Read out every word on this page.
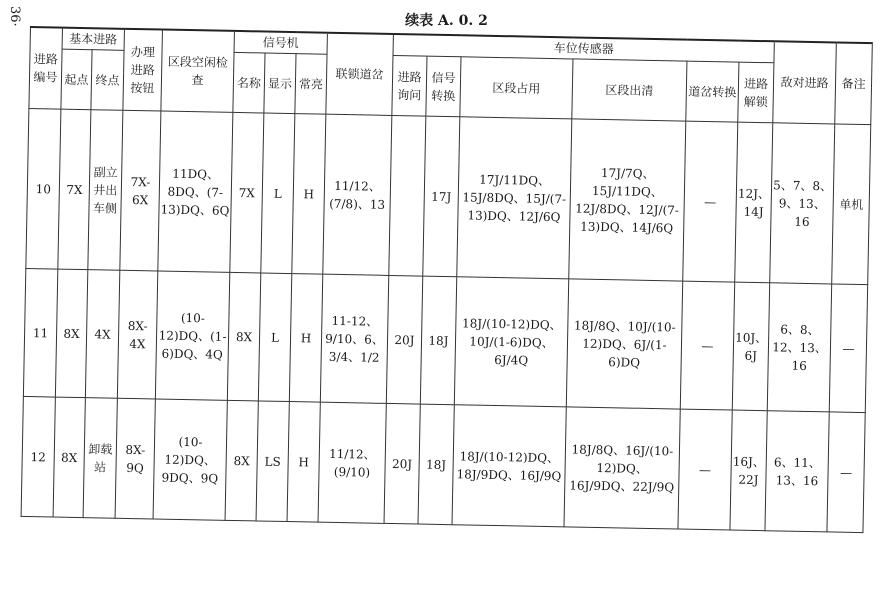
36·	续表 A. 0. 2
进路编号	基本进路		办理进路按钮	区段空闲检查	信号机			联锁道岔	车位传感器						敌对进路	备注
	起点	终点			名称	显示	常亮		进路询问	信号转换	区段占用	区段出清	道岔转换	进路解锁		

10	7X	副立井出车侧	7X-6X	11DQ、8DQ、(7-13)DQ、6Q	7X	L	H	11/12、(7/8)、13		17J	17J/11DQ、15J/8DQ、15J/(7-13)DQ、12J/6Q	17J/7Q、15J/11DQ、12J/8DQ、12J/(7-13)DQ、14J/6Q	—	12J、14J	5、7、8、9、13、16	单机
11	8X	4X	8X-4X	(10-12)DQ、(1-6)DQ、4Q	8X	L	H	11-12、9/10、6、3/4、1/2	20J	18J	18J/(10-12)DQ、10J/(1-6)DQ、6J/4Q	18J/8Q、10J/(10-12)DQ、6J/(1-6)DQ	—	10J、6J	6、8、12、13、16	—
12	8X	卸载站	8X-9Q	(10-12)DQ、9DQ、9Q	8X	LS	H	11/12、(9/10)	20J	18J	18J/(10-12)DQ、18J/9DQ、16J/9Q	18J/8Q、16J/(10-12)DQ、16J/9DQ、22J/9Q	—	16J、22J	6、11、13、16	—
